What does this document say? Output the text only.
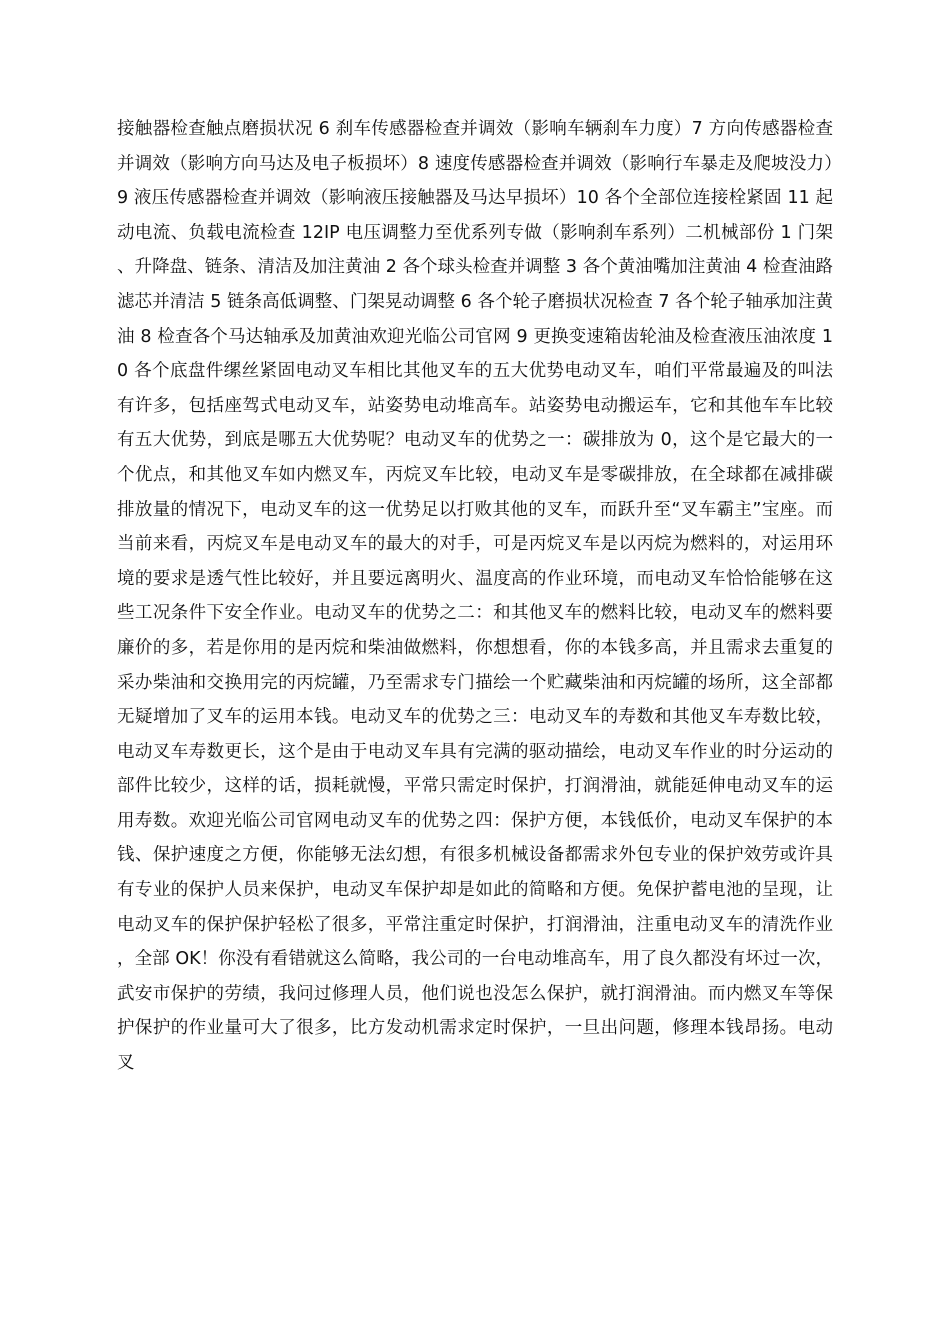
接触器检查触点磨损状况 6 刹车传感器检查并调效（影响车辆刹车力度）7 方向传感器检查并调效（影响方向马达及电子板损坏）8 速度传感器检查并调效（影响行车暴走及爬坡没力）9 液压传感器检查并调效（影响液压接触器及马达早损坏）10 各个全部位连接栓紧固 11 起动电流、负载电流检查 12IP 电压调整力至优系列专做（影响刹车系列）二机械部份 1 门架、升降盘、链条、清洁及加注黄油 2 各个球头检查并调整 3 各个黄油嘴加注黄油 4 检查油路滤芯并清洁 5 链条高低调整、门架晃动调整 6 各个轮子磨损状况检查 7 各个轮子轴承加注黄油 8 检查各个马达轴承及加黄油欢迎光临公司官网 9 更换变速箱齿轮油及检查液压油浓度 10 各个底盘件缧丝紧固电动叉车相比其他叉车的五大优势电动叉车，咱们平常最遍及的叫法有许多，包括座驾式电动叉车，站姿势电动堆高车。站姿势电动搬运车，它和其他车车比较有五大优势，到底是哪五大优势呢？电动叉车的优势之一：碳排放为 0，这个是它最大的一个优点，和其他叉车如内燃叉车，丙烷叉车比较，电动叉车是零碳排放，在全球都在减排碳排放量的情况下，电动叉车的这一优势足以打败其他的叉车，而跃升至“叉车霸主”宝座。而当前来看，丙烷叉车是电动叉车的最大的对手，可是丙烷叉车是以丙烷为燃料的，对运用环境的要求是透气性比较好，并且要远离明火、温度高的作业环境，而电动叉车恰恰能够在这些工况条件下安全作业。电动叉车的优势之二：和其他叉车的燃料比较，电动叉车的燃料要廉价的多，若是你用的是丙烷和柴油做燃料，你想想看，你的本钱多高，并且需求去重复的采办柴油和交换用完的丙烷罐，乃至需求专门描绘一个贮藏柴油和丙烷罐的场所，这全部都无疑增加了叉车的运用本钱。电动叉车的优势之三：电动叉车的寿数和其他叉车寿数比较，电动叉车寿数更长，这个是由于电动叉车具有完满的驱动描绘，电动叉车作业的时分运动的部件比较少，这样的话，损耗就慢，平常只需定时保护，打润滑油，就能延伸电动叉车的运用寿数。欢迎光临公司官网电动叉车的优势之四：保护方便，本钱低价，电动叉车保护的本钱、保护速度之方便，你能够无法幻想，有很多机械设备都需求外包专业的保护效劳或许具有专业的保护人员来保护，电动叉车保护却是如此的简略和方便。免保护蓄电池的呈现，让电动叉车的保护保护轻松了很多，平常注重定时保护，打润滑油，注重电动叉车的清洗作业，全部 OK！你没有看错就这么简略，我公司的一台电动堆高车，用了良久都没有坏过一次，武安市保护的劳绩，我问过修理人员，他们说也没怎么保护，就打润滑油。而内燃叉车等保护保护的作业量可大了很多，比方发动机需求定时保护，一旦出问题，修理本钱昂扬。电动叉
